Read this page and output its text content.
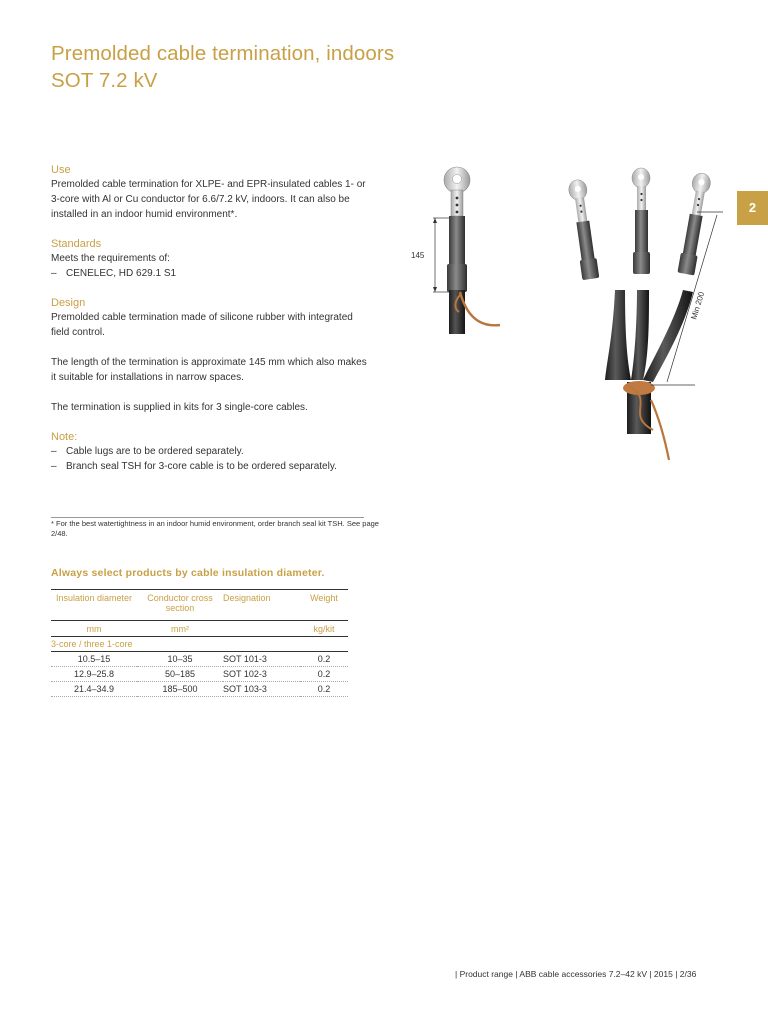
Premolded cable termination, indoors
SOT 7.2 kV
2
Use

Premolded cable termination for XLPE- and EPR-insulated cables 1- or 3-core with Al or Cu conductor for 6.6/7.2 kV, indoors. It can also be installed in an indoor humid environment*.

Standards

Meets the requirements of:

– CENELEC, HD 629.1 S1
Design

Premolded cable termination made of silicone rubber with integrated field control.

The length of the termination is approximate 145 mm which also makes it suitable for installations in narrow spaces.

The termination is supplied in kits for 3 single-core cables.

Note:
– Cable lugs are to be ordered separately.
– Branch seal TSH for 3-core cable is to be ordered separately.
* For the best watertightness in an indoor humid environment, order branch seal kit TSH. See page 2/48.
145
Min 200
Always select products by cable insulation diameter.
Insulation diameter	Conductor cross section	Designation	Weight
mm	mm²		kg/kit
3-core / three 1-core			
10.5–15	10–35	SOT 101-3	0.2
12.9–25.8	50–185	SOT 102-3	0.2
21.4–34.9	185–500	SOT 103-3	0.2
| Product range | ABB cable accessories 7.2–42 kV | 2015 | 2/36
